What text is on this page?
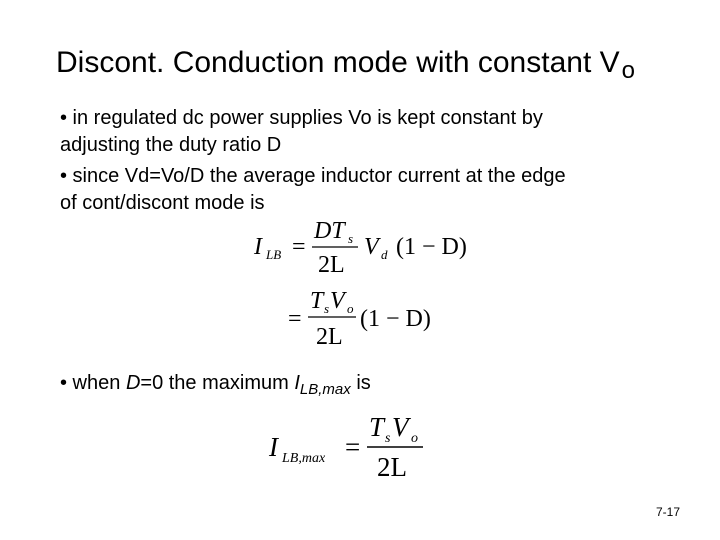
Discont. Conduction mode with constant $V_o$
• in regulated dc power supplies Vo is kept constant by
adjusting the duty ratio D
• since Vd=Vo/D the average inductor current at the edge
of cont/discont mode is
I LB =
DT s
2L
V d (1 − D)
=
T s V o
2L
(1 − D)
• when D=0 the maximum $I_{LB,max}$ is
I LB,max =
T s V o
2L
7-17
